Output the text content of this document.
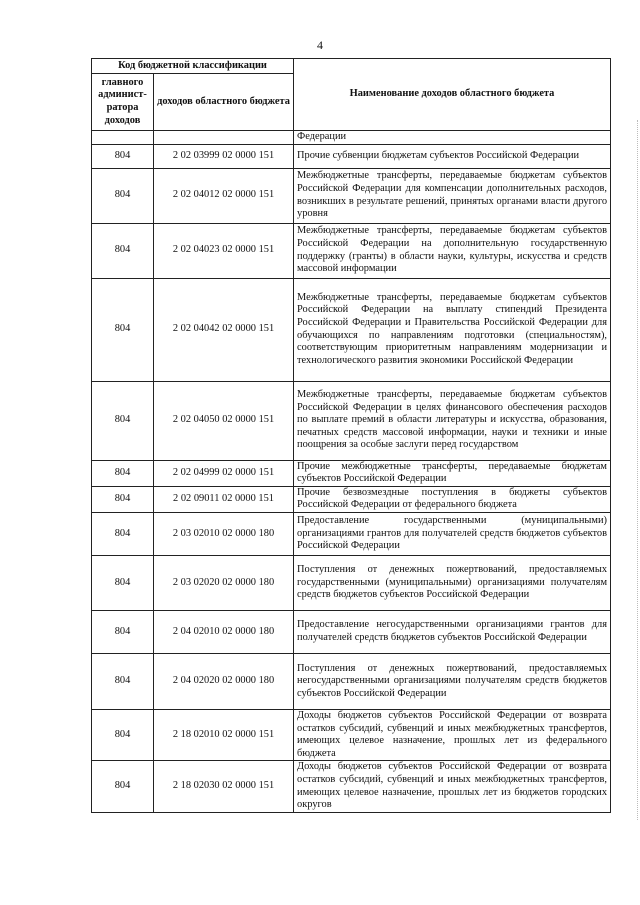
4
Код бюджетной классификации		Наименование доходов областного бюджета
главного админист-ратора доходов	доходов областного бюджета	
		Федерации
804	2 02 03999 02 0000 151	Прочие субвенции бюджетам субъектов Российской Федерации
804	2 02 04012 02 0000 151	Межбюджетные трансферты, передаваемые бюджетам субъектов Российской Федерации для компенсации дополнительных расходов, возникших в результате решений, принятых органами власти другого уровня
804	2 02 04023 02 0000 151	Межбюджетные трансферты, передаваемые бюджетам субъектов Российской Федерации на дополнительную государственную поддержку (гранты) в области науки, культуры, искусства и средств массовой информации
804	2 02 04042 02 0000 151	Межбюджетные трансферты, передаваемые бюджетам субъектов Российской Федерации на выплату стипендий Президента Российской Федерации и Правительства Российской Федерации для обучающихся по направлениям подготовки (специальностям), соответствующим приоритетным направлениям модернизации и технологического развития экономики Российской Федерации
804	2 02 04050 02 0000 151	Межбюджетные трансферты, передаваемые бюджетам субъектов Российской Федерации в целях финансового обеспечения расходов по выплате премий в области литературы и искусства, образования, печатных средств массовой информации, науки и техники и иные поощрения за особые заслуги перед государством
804	2 02 04999 02 0000 151	Прочие межбюджетные трансферты, передаваемые бюджетам субъектов Российской Федерации
804	2 02 09011 02 0000 151	Прочие безвозмездные поступления в бюджеты субъектов Российской Федерации от федерального бюджета
804	2 03 02010 02 0000 180	Предоставление государственными (муниципальными) организациями грантов для получателей средств бюджетов субъектов Российской Федерации
804	2 03 02020 02 0000 180	Поступления от денежных пожертвований, предоставляемых государственными (муниципальными) организациями получателям средств бюджетов субъектов Российской Федерации
804	2 04 02010 02 0000 180	Предоставление негосударственными организациями грантов для получателей средств бюджетов субъектов Российской Федерации
804	2 04 02020 02 0000 180	Поступления от денежных пожертвований, предоставляемых негосударственными организациями получателям средств бюджетов субъектов Российской Федерации
804	2 18 02010 02 0000 151	Доходы бюджетов субъектов Российской Федерации от возврата остатков субсидий, субвенций и иных межбюджетных трансфертов, имеющих целевое назначение, прошлых лет из федерального бюджета
804	2 18 02030 02 0000 151	Доходы бюджетов субъектов Российской Федерации от возврата остатков субсидий, субвенций и иных межбюджетных трансфертов, имеющих целевое назначение, прошлых лет из бюджетов городских округов
